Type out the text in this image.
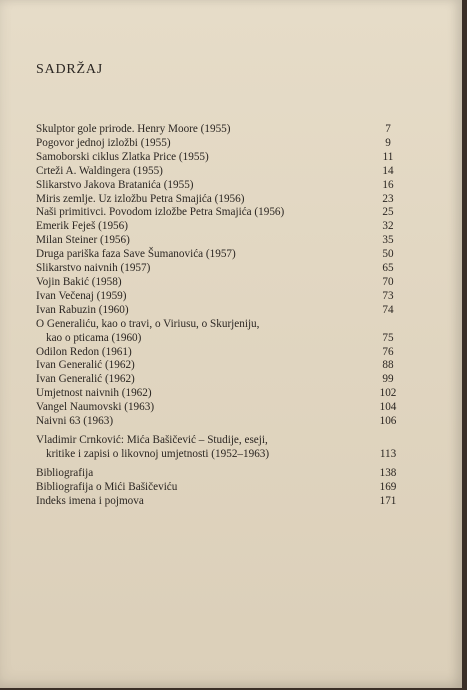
SADRŽAJ
Skulptor gole prirode. Henry Moore (1955)	7
Pogovor jednoj izložbi (1955)	9
Samoborski ciklus Zlatka Price (1955)	11
Crteži A. Waldingera (1955)	14
Slikarstvo Jakova Bratanića (1955)	16
Miris zemlje. Uz izložbu Petra Smajića (1956)	23
Naši primitivci. Povodom izložbe Petra Smajića (1956)	25
Emerik Feješ (1956)	32
Milan Steiner (1956)	35
Druga pariška faza Save Šumanovića (1957)	50
Slikarstvo naivnih (1957)	65
Vojin Bakić (1958)	70
Ivan Večenaj (1959)	73
Ivan Rabuzin (1960)	74
O Generaliću, kao o travi, o Viriusu, o Skurjeniju,
kao o pticama (1960)	75
Odilon Redon (1961)	76
Ivan Generalić (1962)	88
Ivan Generalić (1962)	99
Umjetnost naivnih (1962)	102
Vangel Naumovski (1963)	104
Naivni 63 (1963)	106
Vladimir Crnković: Mića Bašičević – Studije, eseji,
kritike i zapisi o likovnoj umjetnosti (1952–1963)	113
Bibliografija	138
Bibliografija o Mići Bašičeviću	169
Indeks imena i pojmova	171
